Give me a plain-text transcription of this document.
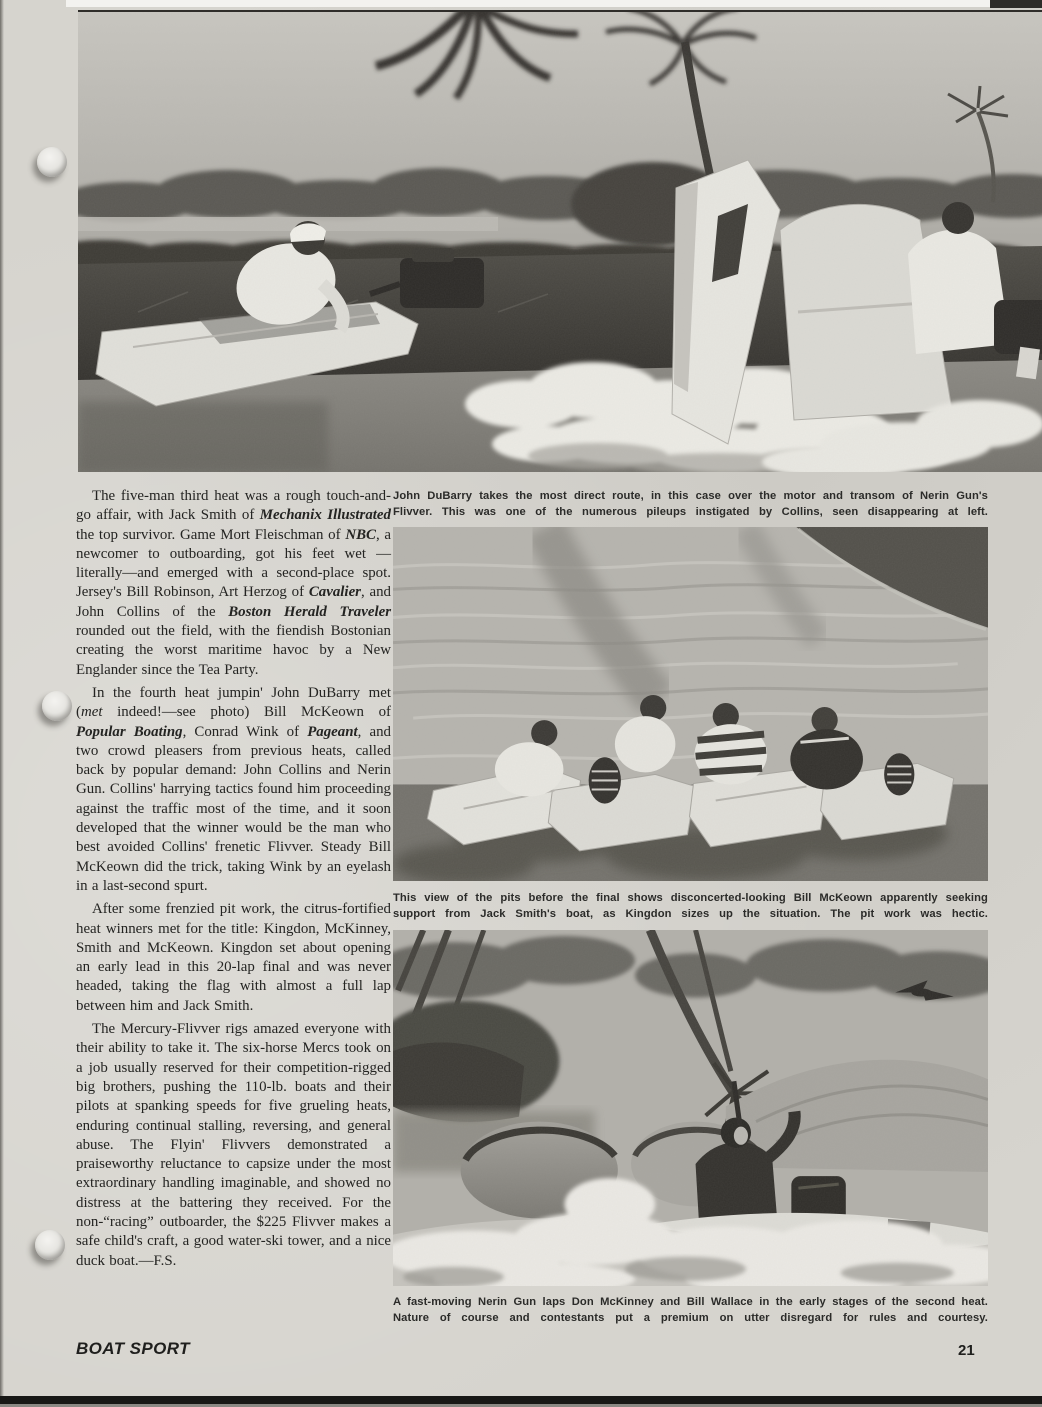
John DuBarry takes the most direct route, in this case over the motor and transom of Nerin Gun's Flivver. This was one of the numerous pileups instigated by Collins, seen disappearing at left.

The five-man third heat was a rough touch-and-go affair, with Jack Smith of Mechanix Illustrated the top survivor. Game Mort Fleischman of NBC, a newcomer to outboarding, got his feet wet —literally—and emerged with a second-place spot. Jersey's Bill Robinson, Art Herzog of Cavalier, and John Collins of the Boston Herald Traveler rounded out the field, with the fiendish Bostonian creating the worst maritime havoc by a New Englander since the Tea Party.

In the fourth heat jumpin' John DuBarry met (met indeed!—see photo) Bill McKeown of Popular Boating, Conrad Wink of Pageant, and two crowd pleasers from previous heats, called back by popular demand: John Collins and Nerin Gun. Collins' harrying tactics found him proceeding against the traffic most of the time, and it soon developed that the winner would be the man who best avoided Collins' frenetic Flivver. Steady Bill McKeown did the trick, taking Wink by an eyelash in a last-second spurt.

After some frenzied pit work, the citrus-fortified heat winners met for the title: Kingdon, McKinney, Smith and McKeown. Kingdon set about opening an early lead in this 20-lap final and was never headed, taking the flag with almost a full lap between him and Jack Smith.

The Mercury-Flivver rigs amazed everyone with their ability to take it. The six-horse Mercs took on a job usually reserved for their competition-rigged big brothers, pushing the 110-lb. boats and their pilots at spanking speeds for five grueling heats, enduring continual stalling, reversing, and general abuse. The Flyin' Flivvers demonstrated a praiseworthy reluctance to capsize under the most extraordinary handling imaginable, and showed no distress at the battering they received. For the non-“racing” outboarder, the $225 Flivver makes a safe child's craft, a good water-ski tower, and a nice duck boat.—F.S.

This view of the pits before the final shows disconcerted-looking Bill McKeown apparently seeking support from Jack Smith's boat, as Kingdon sizes up the situation. The pit work was hectic.
A fast-moving Nerin Gun laps Don McKinney and Bill Wallace in the early stages of the second heat. Nature of course and contestants put a premium on utter disregard for rules and courtesy.
BOAT SPORT	21
